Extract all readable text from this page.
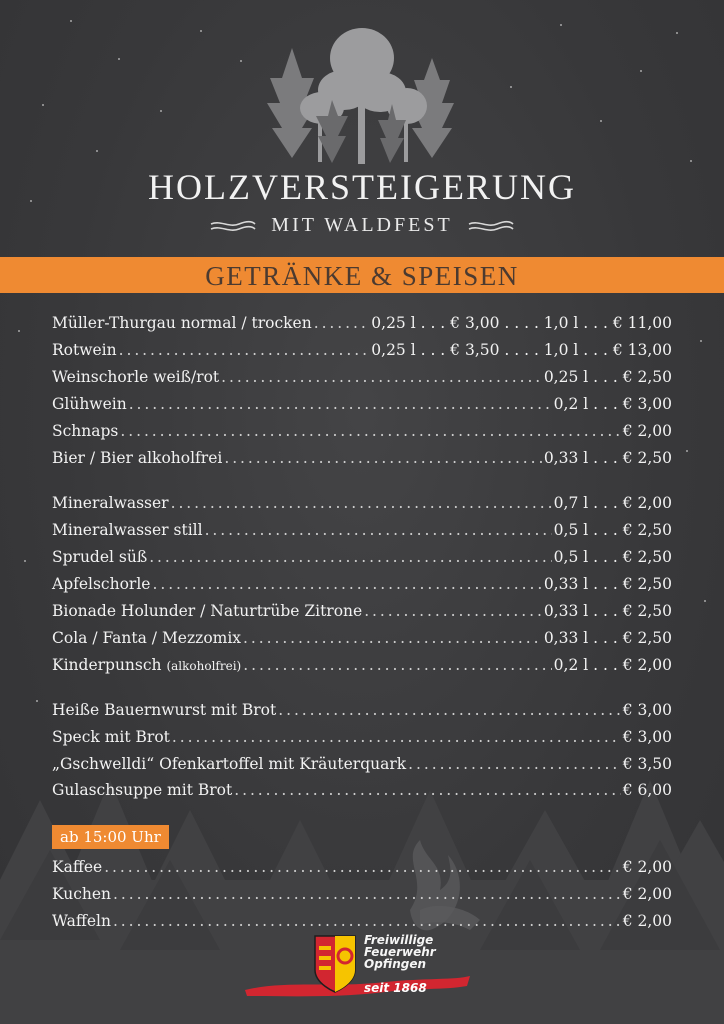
HOLZVERSTEIGERUNG
MIT WALDFEST
GETRÄNKE & SPEISEN
Müller-Thurgau normal / trocken . . .	0,25 l . . . € 3,00 . . . . 1,0 l . . . € 11,00
Rotwein . . .	0,25 l . . . € 3,50 . . . . 1,0 l . . . € 13,00
Weinschorle weiß/rot . . .	0,25 l . . . € 2,50
Glühwein . . .	0,2 l . . . € 3,00
Schnaps . . .	€ 2,00
Bier / Bier alkoholfrei . . .	0,33 l . . . € 2,50
Mineralwasser . . .	0,7 l . . . € 2,00
Mineralwasser still . . .	0,5 l . . . € 2,50
Sprudel süß . . .	0,5 l . . . € 2,50
Apfelschorle . . .	0,33 l . . . € 2,50
Bionade Holunder / Naturtrübe Zitrone . . .	0,33 l . . . € 2,50
Cola / Fanta / Mezzomix . . .	0,33 l . . . € 2,50
Kinderpunsch (alkoholfrei) . . .	0,2 l . . . € 2,00
Heiße Bauernwurst mit Brot . . .	€ 3,00
Speck mit Brot . . .	€ 3,00
„Gschwelldi“ Ofenkartoffel mit Kräuterquark . . .	€ 3,50
Gulaschsuppe mit Brot . . .	€ 6,00
ab 15:00 Uhr
Kaffee . . .	€ 2,00
Kuchen . . .	€ 2,00
Waffeln . . .	€ 2,00
Freiwillige
Feuerwehr
Opfingen
seit 1868
